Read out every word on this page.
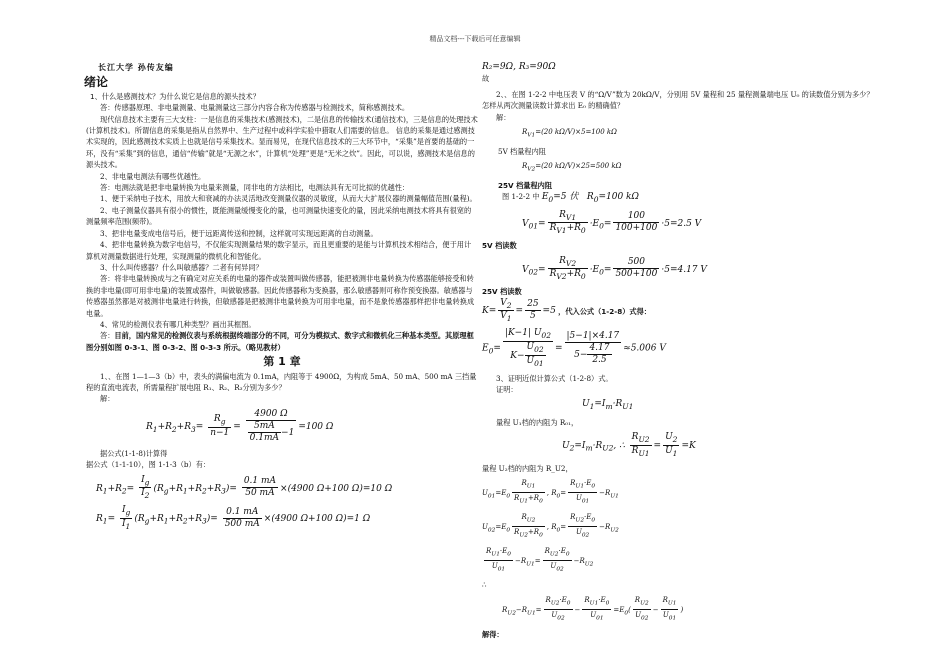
精品文档---下载后可任意编辑

长江大学 孙传友编

绪论

1、什么是感测技术？为什么说它是信息的源头技术？

答：传感器原理、非电量测量、电量测量这三部分内容合称为传感器与检测技术，简称感测技术。

现代信息技术主要有三大支柱：一是信息的采集技术(感测技术)，二是信息的传输技术(通信技术)，三是信息的处理技术(计算机技术)。所谓信息的采集是指从自然界中、生产过程中或科学实验中猎取人们需要的信息。 信息的采集是通过感测技术实现的，因此感测技术实质上也就是信号采集技术。显而易见，在现代信息技术的三大环节中，“采集”是首要的基础的一环，没有“采集”到的信息，通信“传输”就是“无源之水”，计算机“处理”更是“无米之炊”。因此，可以说，感测技术是信息的源头技术。

2、非电量电测法有哪些优越性。

答：电测法就是把非电量转换为电量来测量，同非电的方法相比，电测法具有无可比拟的优越性：

1、便于采纳电子技术，用放大和衰减的办法灵活地改变测量仪器的灵敏度，从而大大扩展仪器的测量幅值范围(量程)。

2、电子测量仪器具有很小的惯性，既能测量缓慢变化的量，也可测量快速变化的量，因此采纳电测技术将具有很宽的测量频率范围(频带)。

3、把非电量变成电信号后，便于远距离传送和控制，这样就可实现远距离的自动测量。

4、把非电量转换为数字电信号，不仅能实现测量结果的数字显示，而且更重要的是能与计算机技术相结合，便于用计算机对测量数据进行处理，实现测量的微机化和智能化。

3、什么叫传感器？什么叫敏感器？二者有何异同？

答：将非电量转换成与之有确定对应关系的电量的器件或装置叫做传感器，能把被测非电量转换为传感器能够接受和转换的非电量(即可用非电量)的装置或器件，叫做敏感器。因此传感器称为变换器，那么敏感器则可称作预变换器。敏感器与传感器虽然都是对被测非电量进行转换，但敏感器是把被测非电量转换为可用非电量，而不是象传感器那样把非电量转换成电量。

4、常见的检测仪表有哪几种类型？画出其框图。

答：目前，国内常见的检测仪表与系统根据终端部分的不同，可分为模拟式、数字式和微机化三种基本类型。其原理框图分别如图 0-3-1、图 0-3-2、图 0-3-3 所示。（略见教材）

第 1 章

1、、在图 1—1—3（b）中，表头的满偏电流为 0.1mA，内阻等于 4900Ω，为构成 5mA、50 mA、500 mA 三挡量程的直流电流表，所需量程扩展电阻 R₁、R₂、R₃分别为多少？

解：

$R_1+R_2+R_3= \frac{R_g}{n-1} = \frac{4900 \Omega}{\frac{5mA}{0.1mA} -1} =100$ Ω

据公式(1-1-8)计算得

据公式（1-1-10），图 1-1-3（b）有：

$R_1+R_2= \frac{I_g}{I_2} (R_g+R_1+R_2+R_3)= \frac{0.1 mA}{50 mA} \times(4900$ Ω+100 Ω)=10 Ω
$R_1= \frac{I_g}{I_1} (R_g+R_1+R_2+R_3)= \frac{0.1 mA}{500 mA} \times(4900$ Ω+100 Ω)=1 Ω

R₂=9Ω, R₃=90Ω

故

2、、在图 1-2-2 中电压表 V 的“Ω/V”数为 20kΩ/V，分别用 5V 量程和 25 量程测量端电压 U₀ 的读数值分别为多少？怎样从两次测量读数计算求出 E₀ 的精确值？

解：

$R_{V1}=(20$ kΩ/V)×5=100 kΩ

5V 档量程内阻

$R_{V2}=(20$ kΩ/V)×25=500 kΩ

25V 档量程内阻

图 1-2-2 中 $E_0=5$ 伏   $R_0=100$ kΩ
$V_{01}= \frac{R_{V1}}{R_{V1}+R_0} \cdot E_0= \frac{100}{100+100} \cdot 5=2.5$ V

5V 档读数

$V_{02}= \frac{R_{V2}}{R_{V2}+R_0} \cdot E_0= \frac{500}{500+100} \cdot 5=4.17$ V

25V 档读数

$K= \frac{V_2}{V_1} = \frac{25}{5} =5$ ，代入公式（1-2-8）式得：
$E_0= \frac{|K-1| U_{02}}{K- \frac{U_{02}}{U_{01}}} = \frac{|5-1|\times 4.17}{5- \frac{4.17}{2.5}} \approx 5.006$ V

3、证明近似计算公式（1-2-8）式。

证明：

$U_1=I_m\cdot R_{U1}$

量程 U₁档的内阻为 R₀₁，

$U_2=I_m\cdot R_{U2}$, ∴ $\frac{R_{U2}}{R_{U1}} = \frac{U_2}{U_1} =K$

量程 U₂档的内阻为 R_U2，

$U_{01}=E_0 \frac{R_{U1}}{R_{U1}+R_0}$ , $R_0= \frac{R_{U1}\cdot E_0}{U_{01}} -R_{U1}$
$U_{02}=E_0 \frac{R_{U2}}{R_{U2}+R_0}$ , $R_0= \frac{R_{U2}\cdot E_0}{U_{02}} -R_{U2}$
$\frac{R_{U1}\cdot E_0}{U_{01}} -R_{U1}= \frac{R_{U2}\cdot E_0}{U_{02}} -R_{U2}$

∴

$R_{U2}-R_{U1}= \frac{R_{U2}\cdot E_0}{U_{02}} - \frac{R_{U1}\cdot E_0}{U_{01}} =E_0( \frac{R_{U2}}{U_{02}} - \frac{R_{U1}}{U_{01}}$ )

解得：
